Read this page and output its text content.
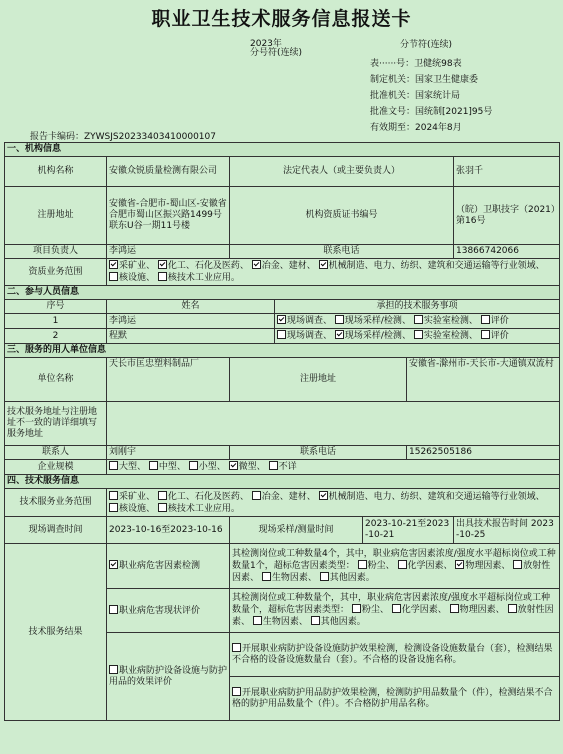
职业卫生技术服务信息报送卡
2023年
分号符(连续)
分节符(连续)
表······号：卫健统98表
制定机关：国家卫生健康委
批准机关：国家统计局
批准文号：国统制[2021]95号
有效期至：2024年8月
报告卡编码：ZYWSJS20233403410000107
一、机构信息						
机构名称	安徽众锐质量检测有限公司	法定代表人（或主要负责人）				张羽千
注册地址	安徽省-合肥市-蜀山区-安徽省合肥市蜀山区振兴路1499号联东U谷一期11号楼	机构资质证书编号				（皖）卫职技字（2021）第16号
项目负责人	李鸿运	联系电话				13866742066
资质业务范围	采矿业、 化工、石化及医药、 冶金、建材、 机械制造、电力、纺织、建筑和交通运输等行业领域、 核设施、 核技术工业应用。					
二、参与人员信息						
序号	姓名		承担的技术服务事项			
1	李鸿运		现场调查、 现场采样/检测、 实验室检测、 评价			
2	程默		现场调查、 现场采样/检测、 实验室检测、 评价			
三、服务的用人单位信息						
单位名称	天长市匡忠塑料制品厂	注册地址			安徽省-滁州市-天长市-大通镇双流村	
技术服务地址与注册地址不一致的请详细填写服务地址						
联系人	刘刚宇	联系电话			15262505186	
企业规模	大型、 中型、 小型、 微型、 不详					
四、技术服务信息						
技术服务业务范围	采矿业、 化工、石化及医药、 冶金、建材、 机械制造、电力、纺织、建筑和交通运输等行业领域、 核设施、 核技术工业应用。					
现场调查时间	2023-10-16至2023-10-16	现场采样/测量时间		2023-10-21至2023-10-21		出具技术报告时间 2023-10-25
技术服务结果	职业病危害因素检测	其检测岗位或工种数量4个，其中，职业病危害因素浓度/强度水平超标岗位或工种数量1个，超标危害因素类型： 粉尘、 化学因素、 物理因素、 放射性因素、 生物因素、 其他因素。				
	职业病危害现状评价	其检测岗位或工种数量个，其中，职业病危害因素浓度/强度水平超标岗位或工种数量个，超标危害因素类型： 粉尘、 化学因素、 物理因素、 放射性因素、 生物因素、 其他因素。				
	职业病防护设备设施与防护用品的效果评价	开展职业病防护设备设施防护效果检测，检测设备设施数量台（套），检测结果不合格的设备设施数量台（套）。不合格的设备设施名称。				
		开展职业病防护用品防护效果检测，检测防护用品数量个（件），检测结果不合格的防护用品数量个（件）。不合格防护用品名称。				
